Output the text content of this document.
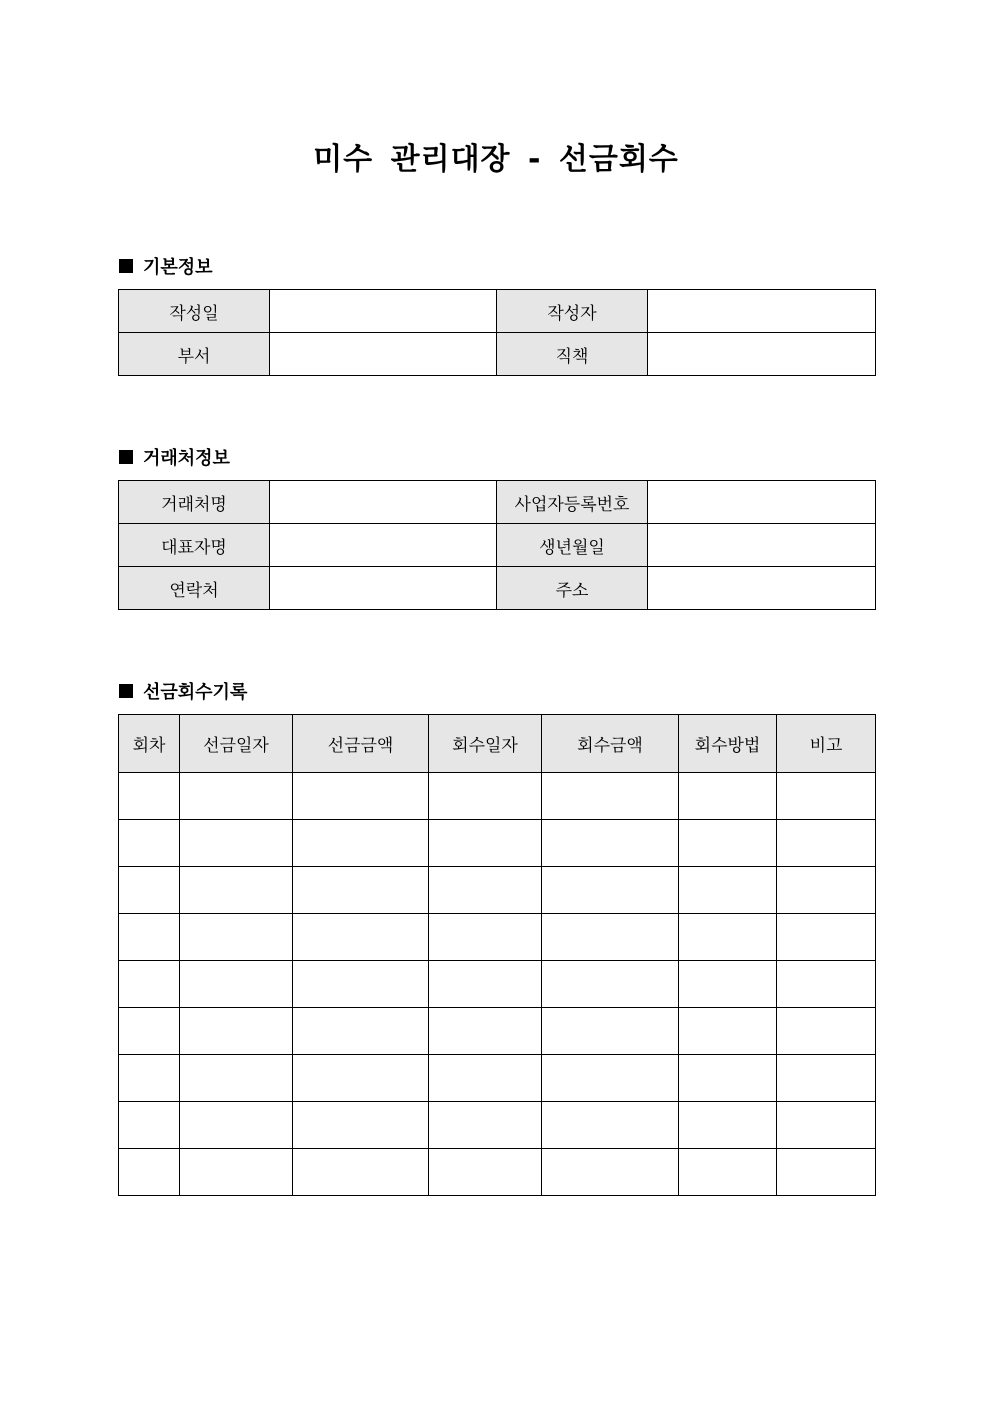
미수 관리대장 - 선금회수
기본정보
작성일		작성자	
부서		직책	
거래처정보
거래처명		사업자등록번호	
대표자명		생년월일	
연락처		주소	
선금회수기록
회차	선금일자	선금금액	회수일자	회수금액	회수방법	비고
